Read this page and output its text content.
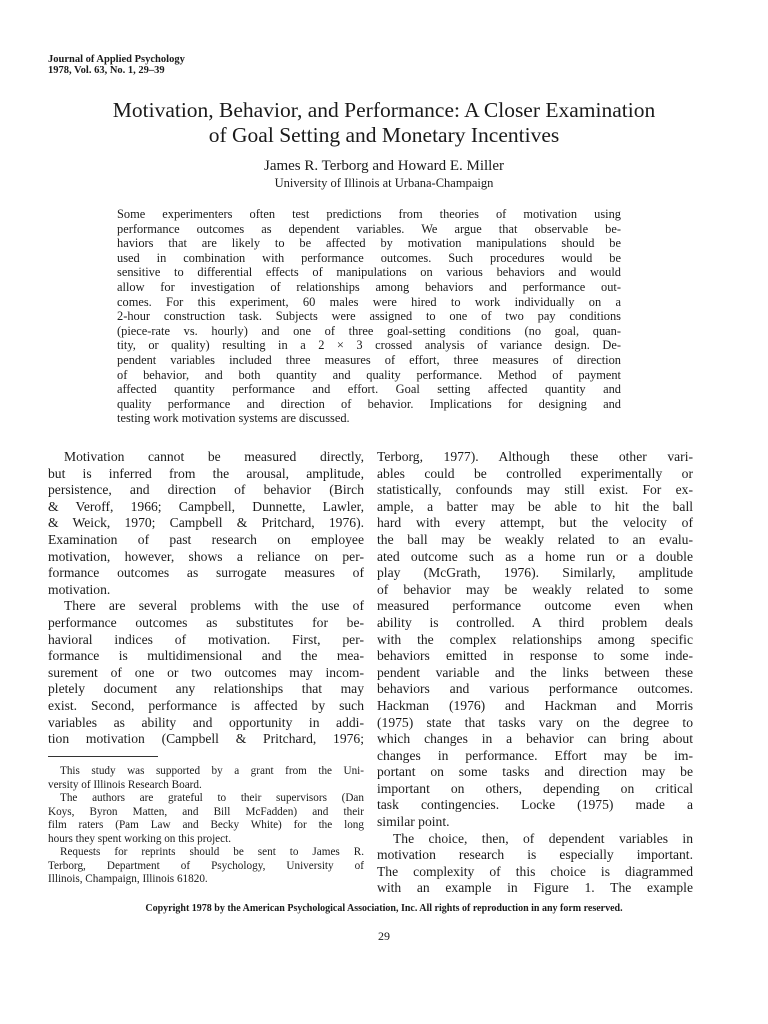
Journal of Applied Psychology
1978, Vol. 63, No. 1, 29–39
Motivation, Behavior, and Performance: A Closer Examination
of Goal Setting and Monetary Incentives
James R. Terborg and Howard E. Miller
University of Illinois at Urbana-Champaign
Some experimenters often test predictions from theories of motivation using
performance outcomes as dependent variables. We argue that observable be-
haviors that are likely to be affected by motivation manipulations should be
used in combination with performance outcomes. Such procedures would be
sensitive to differential effects of manipulations on various behaviors and would
allow for investigation of relationships among behaviors and performance out-
comes. For this experiment, 60 males were hired to work individually on a
2-hour construction task. Subjects were assigned to one of two pay conditions
(piece-rate vs. hourly) and one of three goal-setting conditions (no goal, quan-
tity, or quality) resulting in a 2 × 3 crossed analysis of variance design. De-
pendent variables included three measures of effort, three measures of direction
of behavior, and both quantity and quality performance. Method of payment
affected quantity performance and effort. Goal setting affected quantity and
quality performance and direction of behavior. Implications for designing and
testing work motivation systems are discussed.
Motivation cannot be measured directly,
but is inferred from the arousal, amplitude,
persistence, and direction of behavior (Birch
& Veroff, 1966; Campbell, Dunnette, Lawler,
& Weick, 1970; Campbell & Pritchard, 1976).
Examination of past research on employee
motivation, however, shows a reliance on per-
formance outcomes as surrogate measures of
motivation.
There are several problems with the use of
performance outcomes as substitutes for be-
havioral indices of motivation. First, per-
formance is multidimensional and the mea-
surement of one or two outcomes may incom-
pletely document any relationships that may
exist. Second, performance is affected by such
variables as ability and opportunity in addi-
tion motivation (Campbell & Pritchard, 1976;
This study was supported by a grant from the Uni-
versity of Illinois Research Board.
The authors are grateful to their supervisors (Dan
Koys, Byron Matten, and Bill McFadden) and their
film raters (Pam Law and Becky White) for the long
hours they spent working on this project.
Requests for reprints should be sent to James R.
Terborg, Department of Psychology, University of
Illinois, Champaign, Illinois 61820.
Terborg, 1977). Although these other vari-
ables could be controlled experimentally or
statistically, confounds may still exist. For ex-
ample, a batter may be able to hit the ball
hard with every attempt, but the velocity of
the ball may be weakly related to an evalu-
ated outcome such as a home run or a double
play (McGrath, 1976). Similarly, amplitude
of behavior may be weakly related to some
measured performance outcome even when
ability is controlled. A third problem deals
with the complex relationships among specific
behaviors emitted in response to some inde-
pendent variable and the links between these
behaviors and various performance outcomes.
Hackman (1976) and Hackman and Morris
(1975) state that tasks vary on the degree to
which changes in a behavior can bring about
changes in performance. Effort may be im-
portant on some tasks and direction may be
important on others, depending on critical
task contingencies. Locke (1975) made a
similar point.
The choice, then, of dependent variables in
motivation research is especially important.
The complexity of this choice is diagrammed
with an example in Figure 1. The example
Copyright 1978 by the American Psychological Association, Inc. All rights of reproduction in any form reserved.
29
